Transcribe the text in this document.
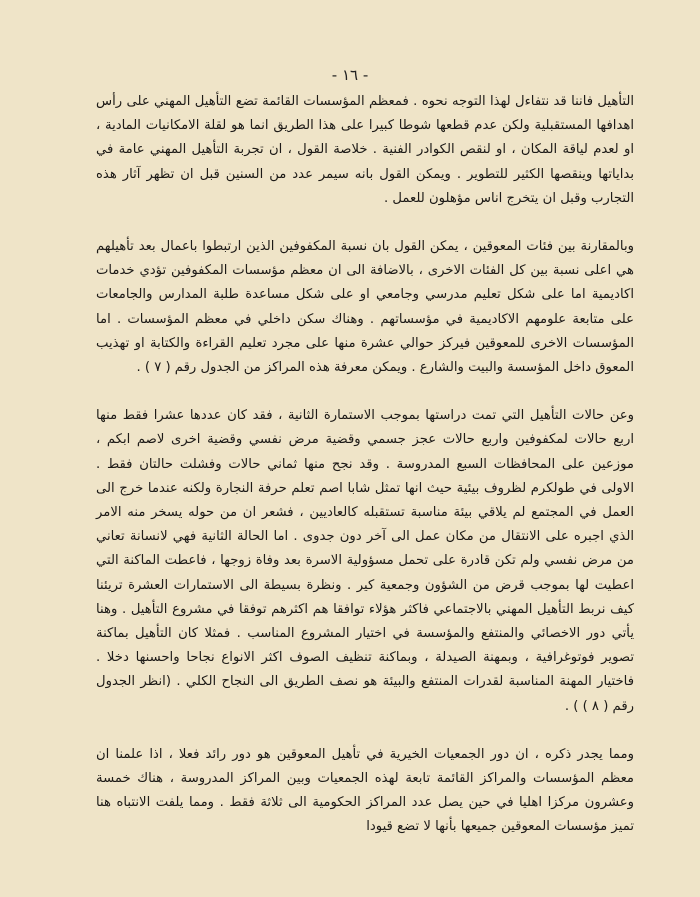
- ١٦ -

التأهيل فاننا قد نتفاءل لهذا التوجه نحوه . فمعظم المؤسسات القائمة تضع التأهيل المهني على رأس اهدافها المستقبلية ولكن عدم قطعها شوطا كبيرا على هذا الطريق انما هو لقلة الامكانيات المادية ، او لعدم لياقة المكان ، او لنقص الكوادر الفنية . خلاصة القول ، ان تجربة التأهيل المهني عامة في بداياتها وينقصها الكثير للتطوير . ويمكن القول بانه سيمر عدد من السنين قبل ان تظهر آثار هذه التجارب وقبل ان يتخرج اناس مؤهلون للعمل .

وبالمقارنة بين فئات المعوقين ، يمكن القول بان نسبة المكفوفين الذين ارتبطوا باعمال بعد تأهيلهم هي اعلى نسبة بين كل الفئات الاخرى ، بالاضافة الى ان معظم مؤسسات المكفوفين تؤدي خدمات اكاديمية اما على شكل تعليم مدرسي وجامعي او على شكل مساعدة طلبة المدارس والجامعات على متابعة علومهم الاكاديمية في مؤسساتهم . وهناك سكن داخلي في معظم المؤسسات . اما المؤسسات الاخرى للمعوقين فيركز حوالي عشرة منها على مجرد تعليم القراءة والكتابة او تهذيب المعوق داخل المؤسسة والبيت والشارع . ويمكن معرفة هذه المراكز من الجدول رقم ( ٧ ) .

وعن حالات التأهيل التي تمت دراستها بموجب الاستمارة الثانية ، فقد كان عددها عشرا فقط منها اربع حالات لمكفوفين واربع حالات عجز جسمي وقضية مرض نفسي وقضية اخرى لاصم ابكم ، موزعين على المحافظات السبع المدروسة . وقد نجح منها ثماني حالات وفشلت حالتان فقط . الاولى في طولكرم لظروف بيئية حيث انها تمثل شابا اصم تعلم حرفة النجارة ولكنه عندما خرج الى العمل في المجتمع لم يلاقي بيئة مناسبة تستقبله كالعاديين ، فشعر ان من حوله يسخر منه الامر الذي اجبره على الانتقال من مكان عمل الى آخر دون جدوى . اما الحالة الثانية فهي لانسانة تعاني من مرض نفسي ولم تكن قادرة على تحمل مسؤولية الاسرة بعد وفاة زوجها ، فاعطت الماكنة التي اعطيت لها بموجب قرض من الشؤون وجمعية كير . ونظرة بسيطة الى الاستمارات العشرة تريئنا كيف نربط التأهيل المهني بالاجتماعي فاكثر هؤلاء توافقا هم اكثرهم توفقا في مشروع التأهيل . وهنا يأتي دور الاخصائي والمنتفع والمؤسسة في اختيار المشروع المناسب . فمثلا كان التأهيل بماكنة تصوير فوتوغرافية ، وبمهنة الصيدلة ، وبماكنة تنظيف الصوف اكثر الانواع نجاحا واحسنها دخلا . فاختيار المهنة المناسبة لقدرات المنتفع والبيئة هو نصف الطريق الى النجاح الكلي . (انظر الجدول رقم ( ٨ ) ) .

ومما يجدر ذكره ، ان دور الجمعيات الخيرية في تأهيل المعوقين هو دور رائد فعلا ، اذا علمنا ان معظم المؤسسات والمراكز القائمة تابعة لهذه الجمعيات وبين المراكز المدروسة ، هناك خمسة وعشرون مركزا اهليا في حين يصل عدد المراكز الحكومية الى ثلاثة فقط . ومما يلفت الانتباه هنا تميز مؤسسات المعوقين جميعها بأنها لا تضع قيودا
